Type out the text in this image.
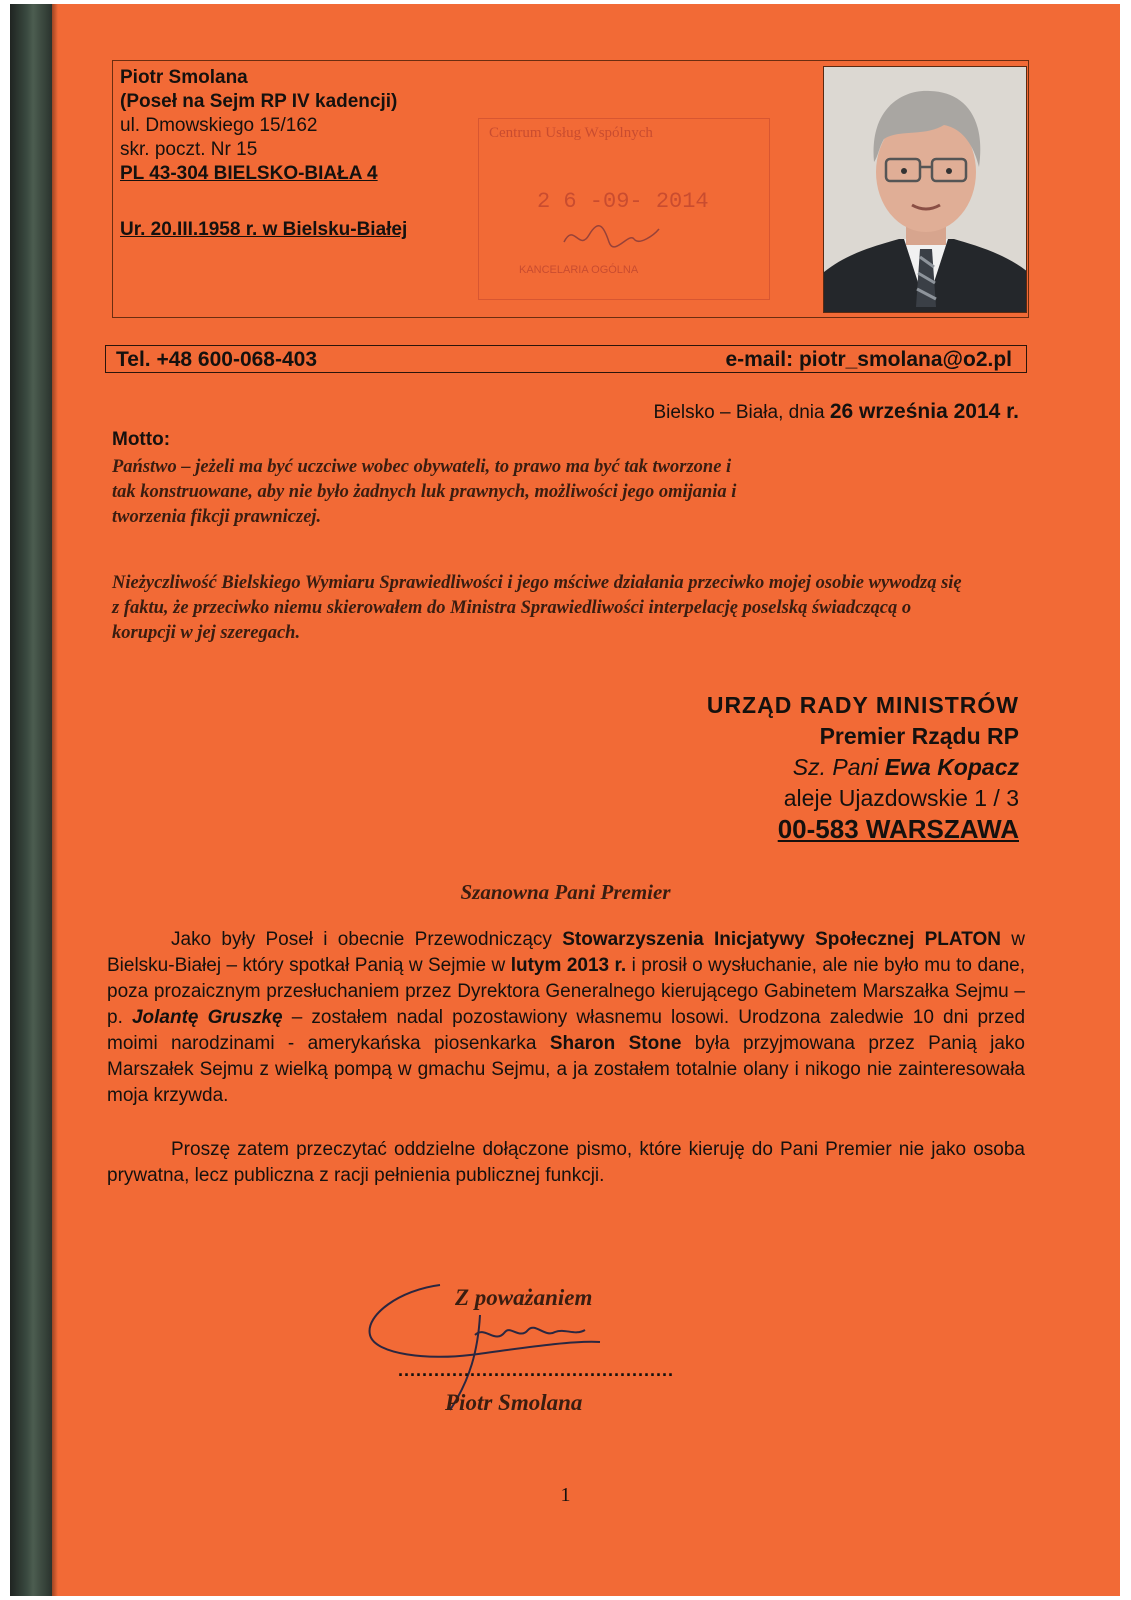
Piotr Smolana
(Poseł na Sejm RP IV kadencji)
ul. Dmowskiego 15/162
skr. poczt. Nr 15
PL 43-304 BIELSKO-BIAŁA 4
Ur. 20.III.1958 r. w Bielsku-Białej
Centrum Usług Wspólnych
2 6 -09- 2014
KANCELARIA OGÓLNA
Tel. +48 600-068-403	e-mail: piotr_smolana@o2.pl
Bielsko – Biała, dnia 26 września 2014 r.
Motto:
Państwo – jeżeli ma być uczciwe wobec obywateli, to prawo ma być tak tworzone i tak konstruowane, aby nie było żadnych luk prawnych, możliwości jego omijania i tworzenia fikcji prawniczej.
Nieżyczliwość Bielskiego Wymiaru Sprawiedliwości i jego mściwe działania przeciwko mojej osobie wywodzą się z faktu, że przeciwko niemu skierowałem do Ministra Sprawiedliwości interpelację poselską świadczącą o korupcji w jej szeregach.
URZĄD RADY MINISTRÓW
Premier Rządu RP
Sz. Pani Ewa Kopacz
aleje Ujazdowskie 1 / 3
00-583 WARSZAWA
Szanowna Pani Premier

Jako były Poseł i obecnie Przewodniczący Stowarzyszenia Inicjatywy Społecznej PLATON w Bielsku-Białej – który spotkał Panią w Sejmie w lutym 2013 r. i prosił o wysłuchanie, ale nie było mu to dane, poza prozaicznym przesłuchaniem przez Dyrektora Generalnego kierującego Gabinetem Marszałka Sejmu – p. Jolantę Gruszkę – zostałem nadal pozostawiony własnemu losowi. Urodzona zaledwie 10 dni przed moimi narodzinami - amerykańska piosenkarka Sharon Stone była przyjmowana przez Panią jako Marszałek Sejmu z wielką pompą w gmachu Sejmu, a ja zostałem totalnie olany i nikogo nie zainteresowała moja krzywda.

Proszę zatem przeczytać oddzielne dołączone pismo, które kieruję do Pani Premier nie jako osoba prywatna, lecz publiczna z racji pełnienia publicznej funkcji.

Z poważaniem
..............................................
Piotr Smolana
1
